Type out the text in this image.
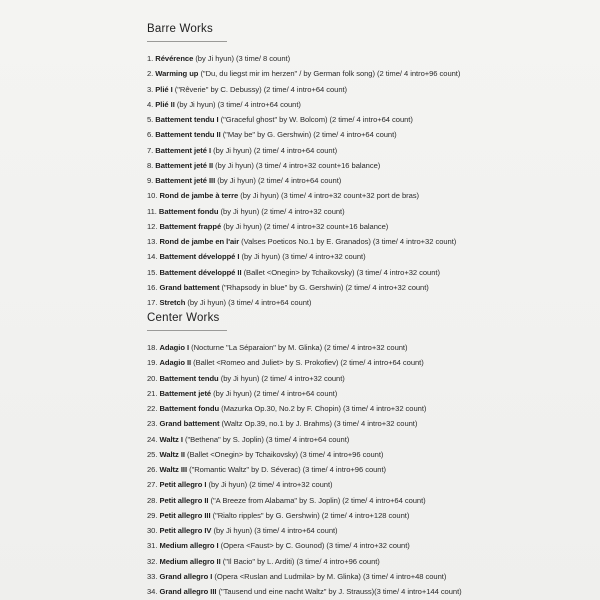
Barre Works
1. Révérence (by Ji hyun) (3 time/ 8 count)
2. Warming up ("Du, du liegst mir im herzen" / by German folk song) (2 time/ 4 intro+96 count)
3. Plié I ("Rêverie" by C. Debussy) (2 time/ 4 intro+64 count)
4. Plié II (by Ji hyun) (3 time/ 4 intro+64 count)
5. Battement tendu I ("Graceful ghost" by W. Bolcom) (2 time/ 4 intro+64 count)
6. Battement tendu II ("May be" by G. Gershwin) (2 time/ 4 intro+64 count)
7. Battement jeté I (by Ji hyun) (2 time/ 4 intro+64 count)
8. Battement jeté II (by Ji hyun) (3 time/ 4 intro+32 count+16 balance)
9. Battement jeté III (by Ji hyun) (2 time/ 4 intro+64 count)
10. Rond de jambe à terre (by Ji hyun) (3 time/ 4 intro+32 count+32 port de bras)
11. Battement fondu (by Ji hyun) (2 time/ 4 intro+32 count)
12. Battement frappé (by Ji hyun) (2 time/ 4 intro+32 count+16 balance)
13. Rond de jambe en l'air (Valses Poeticos No.1 by E. Granados) (3 time/ 4 intro+32 count)
14. Battement développé I (by Ji hyun) (3 time/ 4 intro+32 count)
15. Battement développé II (Ballet <Onegin> by Tchaikovsky) (3 time/ 4 intro+32 count)
16. Grand battement ("Rhapsody in blue" by G. Gershwin) (2 time/ 4 intro+32 count)
17. Stretch (by Ji hyun) (3 time/ 4 intro+64 count)
Center Works
18. Adagio I (Nocturne "La Séparaion" by M. Glinka) (2 time/ 4 intro+32 count)
19. Adagio II (Ballet <Romeo and Juliet> by S. Prokofiev) (2 time/ 4 intro+64 count)
20. Battement tendu (by Ji hyun) (2 time/ 4 intro+32 count)
21. Battement jeté (by Ji hyun) (2 time/ 4 intro+64 count)
22. Battement fondu (Mazurka Op.30, No.2 by F. Chopin) (3 time/ 4 intro+32 count)
23. Grand battement (Waltz Op.39, no.1 by J. Brahms) (3 time/ 4 intro+32 count)
24. Waltz I ("Bethena" by S. Joplin) (3 time/ 4 intro+64 count)
25. Waltz II (Ballet <Onegin> by Tchaikovsky) (3 time/ 4 intro+96 count)
26. Waltz III ("Romantic Waltz" by D. Séverac) (3 time/ 4 intro+96 count)
27. Petit allegro I (by Ji hyun) (2 time/ 4 intro+32 count)
28. Petit allegro II ("A Breeze from Alabama" by S. Joplin) (2 time/ 4 intro+64 count)
29. Petit allegro III ("Rialto ripples" by G. Gershwin) (2 time/ 4 intro+128 count)
30. Petit allegro IV (by Ji hyun) (3 time/ 4 intro+64 count)
31. Medium allegro I (Opera <Faust> by C. Gounod) (3 time/ 4 intro+32 count)
32. Medium allegro II ("Il Bacio" by L. Arditi) (3 time/ 4 intro+96 count)
33. Grand allegro I (Opera <Ruslan and Ludmila> by M. Glinka) (3 time/ 4 intro+48 count)
34. Grand allegro III ("Tausend und eine nacht Waltz" by J. Strauss)(3 time/ 4 intro+144 count)
